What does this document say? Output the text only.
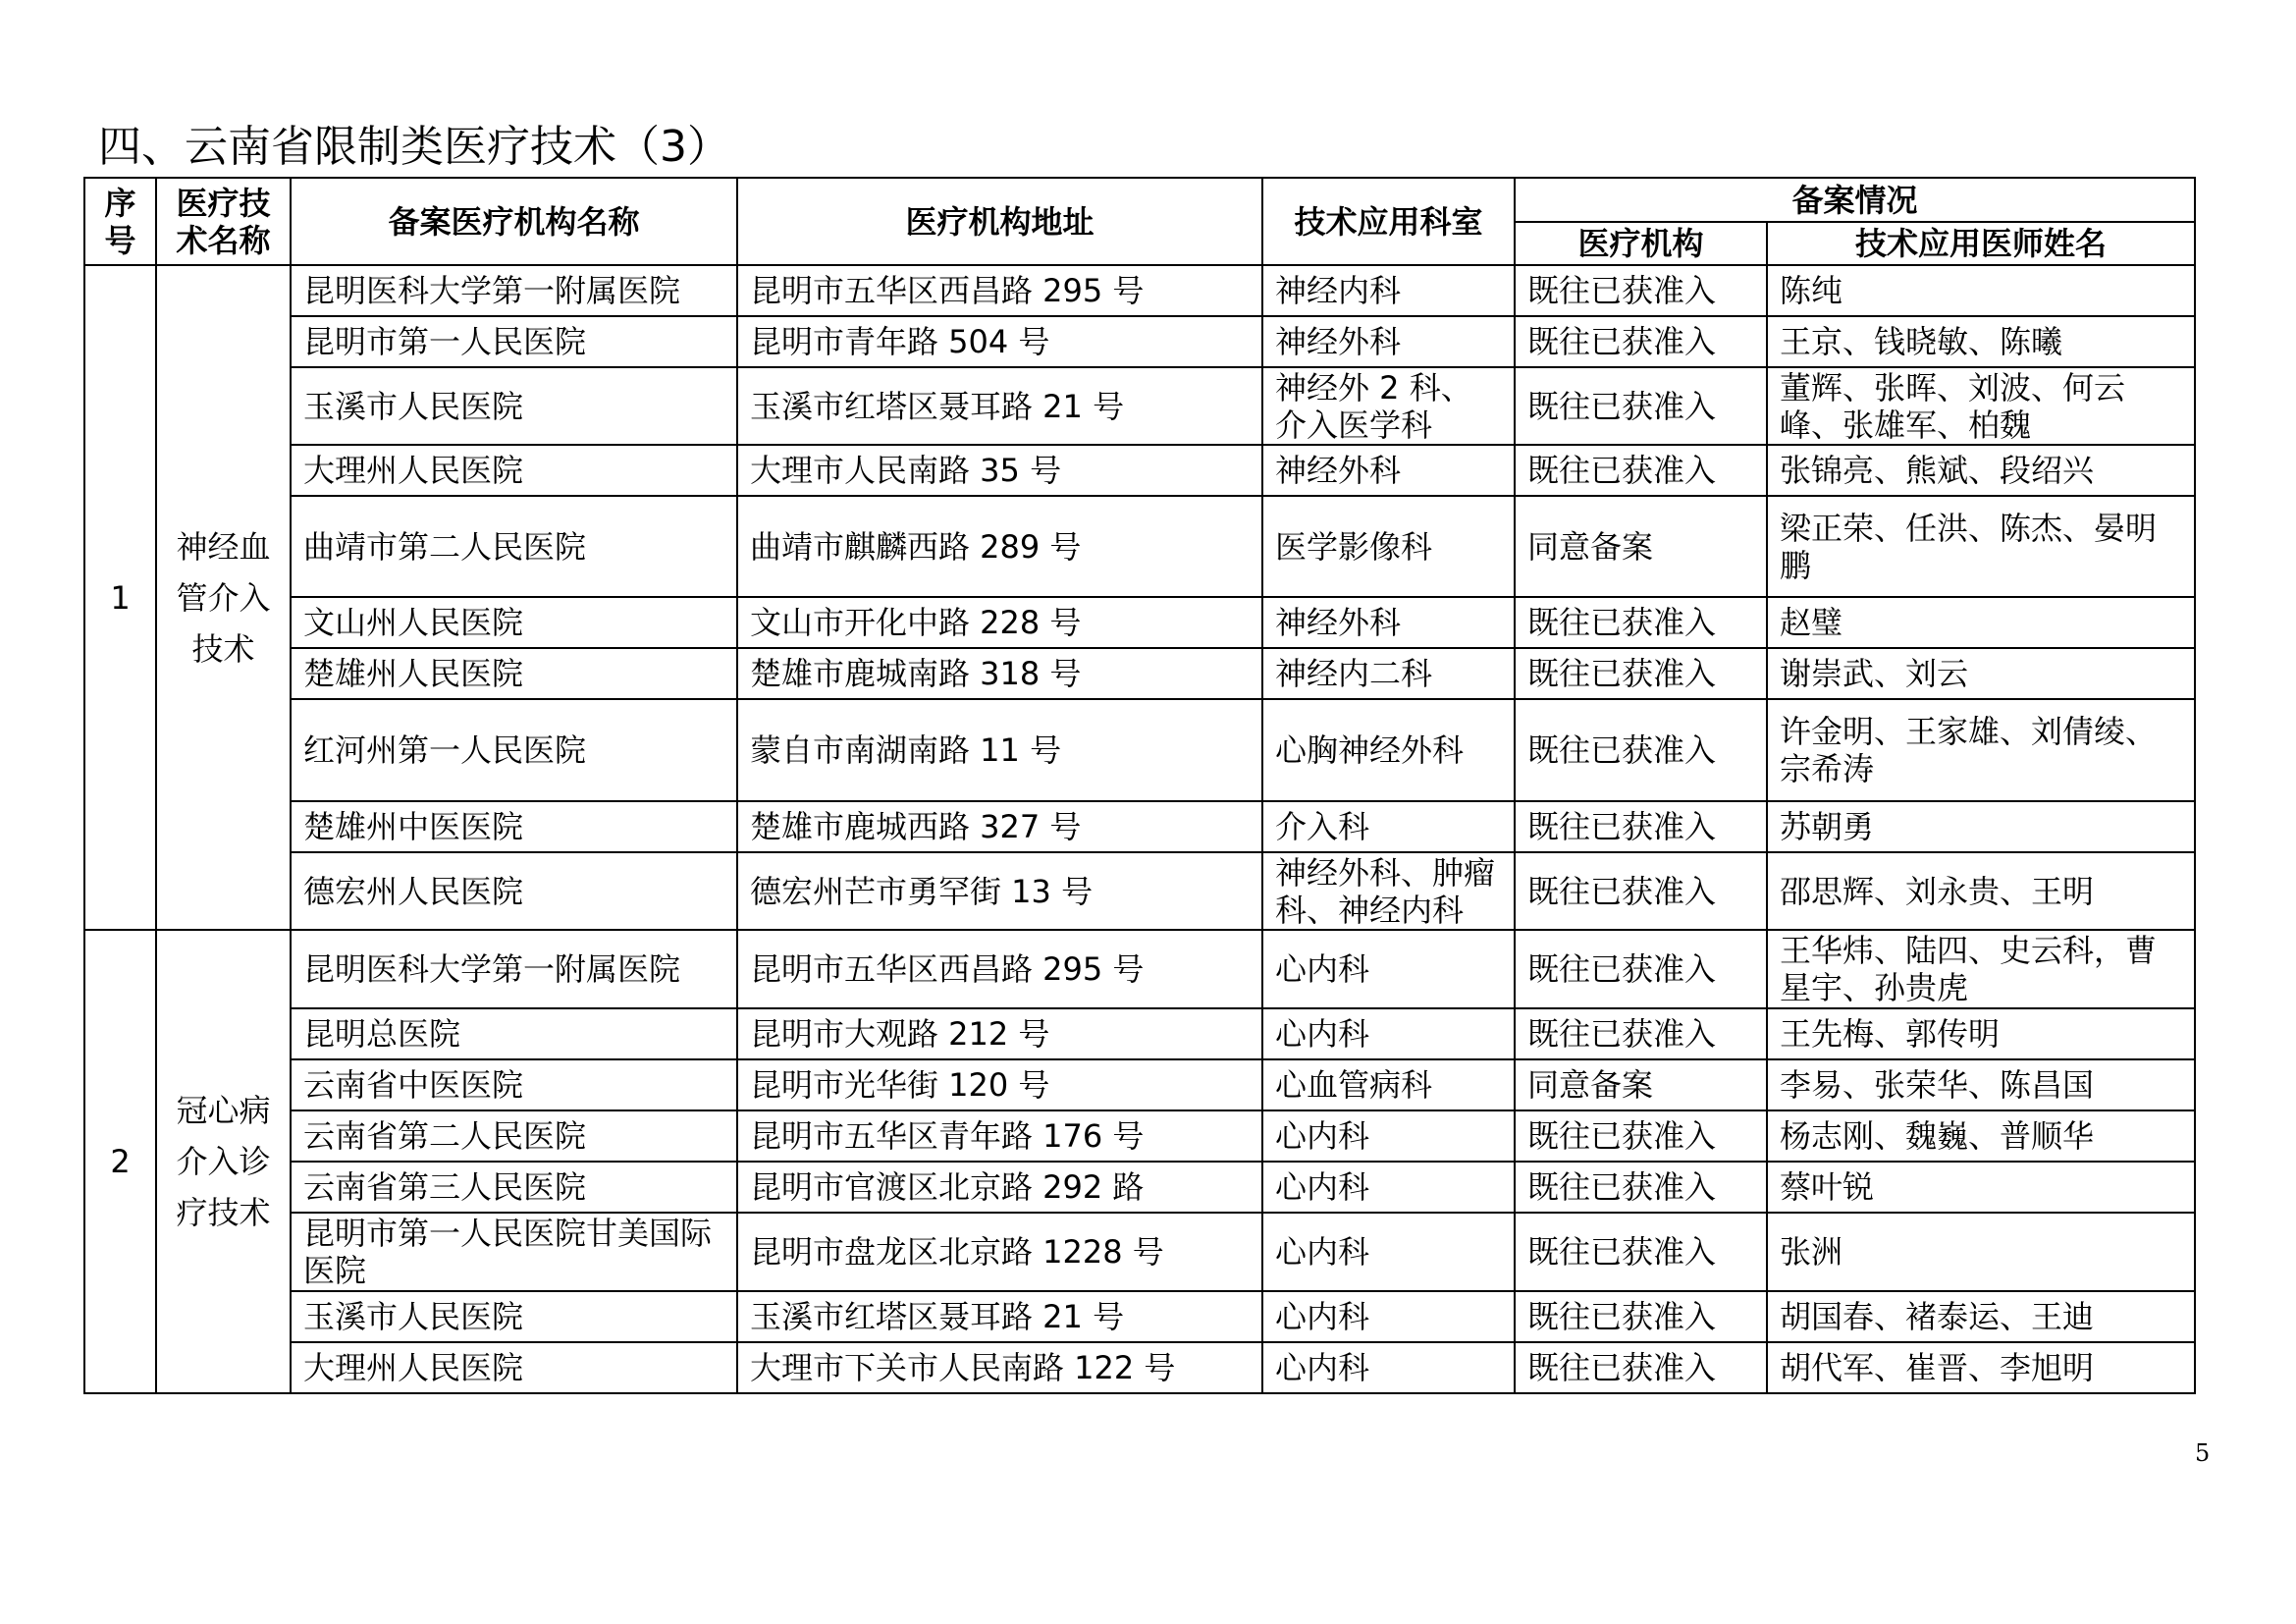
四、云南省限制类医疗技术（3）
序号	医疗技术名称	备案医疗机构名称	医疗机构地址	技术应用科室	备案情况	
					医疗机构	技术应用医师姓名
1	神经血管介入技术	昆明医科大学第一附属医院	昆明市五华区西昌路 295 号	神经内科	既往已获准入	陈纯
		昆明市第一人民医院	昆明市青年路 504 号	神经外科	既往已获准入	王京、钱晓敏、陈曦
		玉溪市人民医院	玉溪市红塔区聂耳路 21 号	神经外 2 科、介入医学科	既往已获准入	董辉、张晖、刘波、何云峰、张雄军、柏魏
		大理州人民医院	大理市人民南路 35 号	神经外科	既往已获准入	张锦亮、熊斌、段绍兴
		曲靖市第二人民医院	曲靖市麒麟西路 289 号	医学影像科	同意备案	梁正荣、任洪、陈杰、晏明鹏
		文山州人民医院	文山市开化中路 228 号	神经外科	既往已获准入	赵璧
		楚雄州人民医院	楚雄市鹿城南路 318 号	神经内二科	既往已获准入	谢崇武、刘云
		红河州第一人民医院	蒙自市南湖南路 11 号	心胸神经外科	既往已获准入	许金明、王家雄、刘倩绫、宗希涛
		楚雄州中医医院	楚雄市鹿城西路 327 号	介入科	既往已获准入	苏朝勇
		德宏州人民医院	德宏州芒市勇罕街 13 号	神经外科、肿瘤科、神经内科	既往已获准入	邵思辉、刘永贵、王明
2	冠心病介入诊疗技术	昆明医科大学第一附属医院	昆明市五华区西昌路 295 号	心内科	既往已获准入	王华炜、陆四、史云科，曹星宇、孙贵虎
		昆明总医院	昆明市大观路 212 号	心内科	既往已获准入	王先梅、郭传明
		云南省中医医院	昆明市光华街 120 号	心血管病科	同意备案	李易、张荣华、陈昌国
		云南省第二人民医院	昆明市五华区青年路 176 号	心内科	既往已获准入	杨志刚、魏巍、普顺华
		云南省第三人民医院	昆明市官渡区北京路 292 路	心内科	既往已获准入	蔡叶锐
		昆明市第一人民医院甘美国际医院	昆明市盘龙区北京路 1228 号	心内科	既往已获准入	张洲
		玉溪市人民医院	玉溪市红塔区聂耳路 21 号	心内科	既往已获准入	胡国春、褚泰运、王迪
		大理州人民医院	大理市下关市人民南路 122 号	心内科	既往已获准入	胡代军、崔晋、李旭明
5
